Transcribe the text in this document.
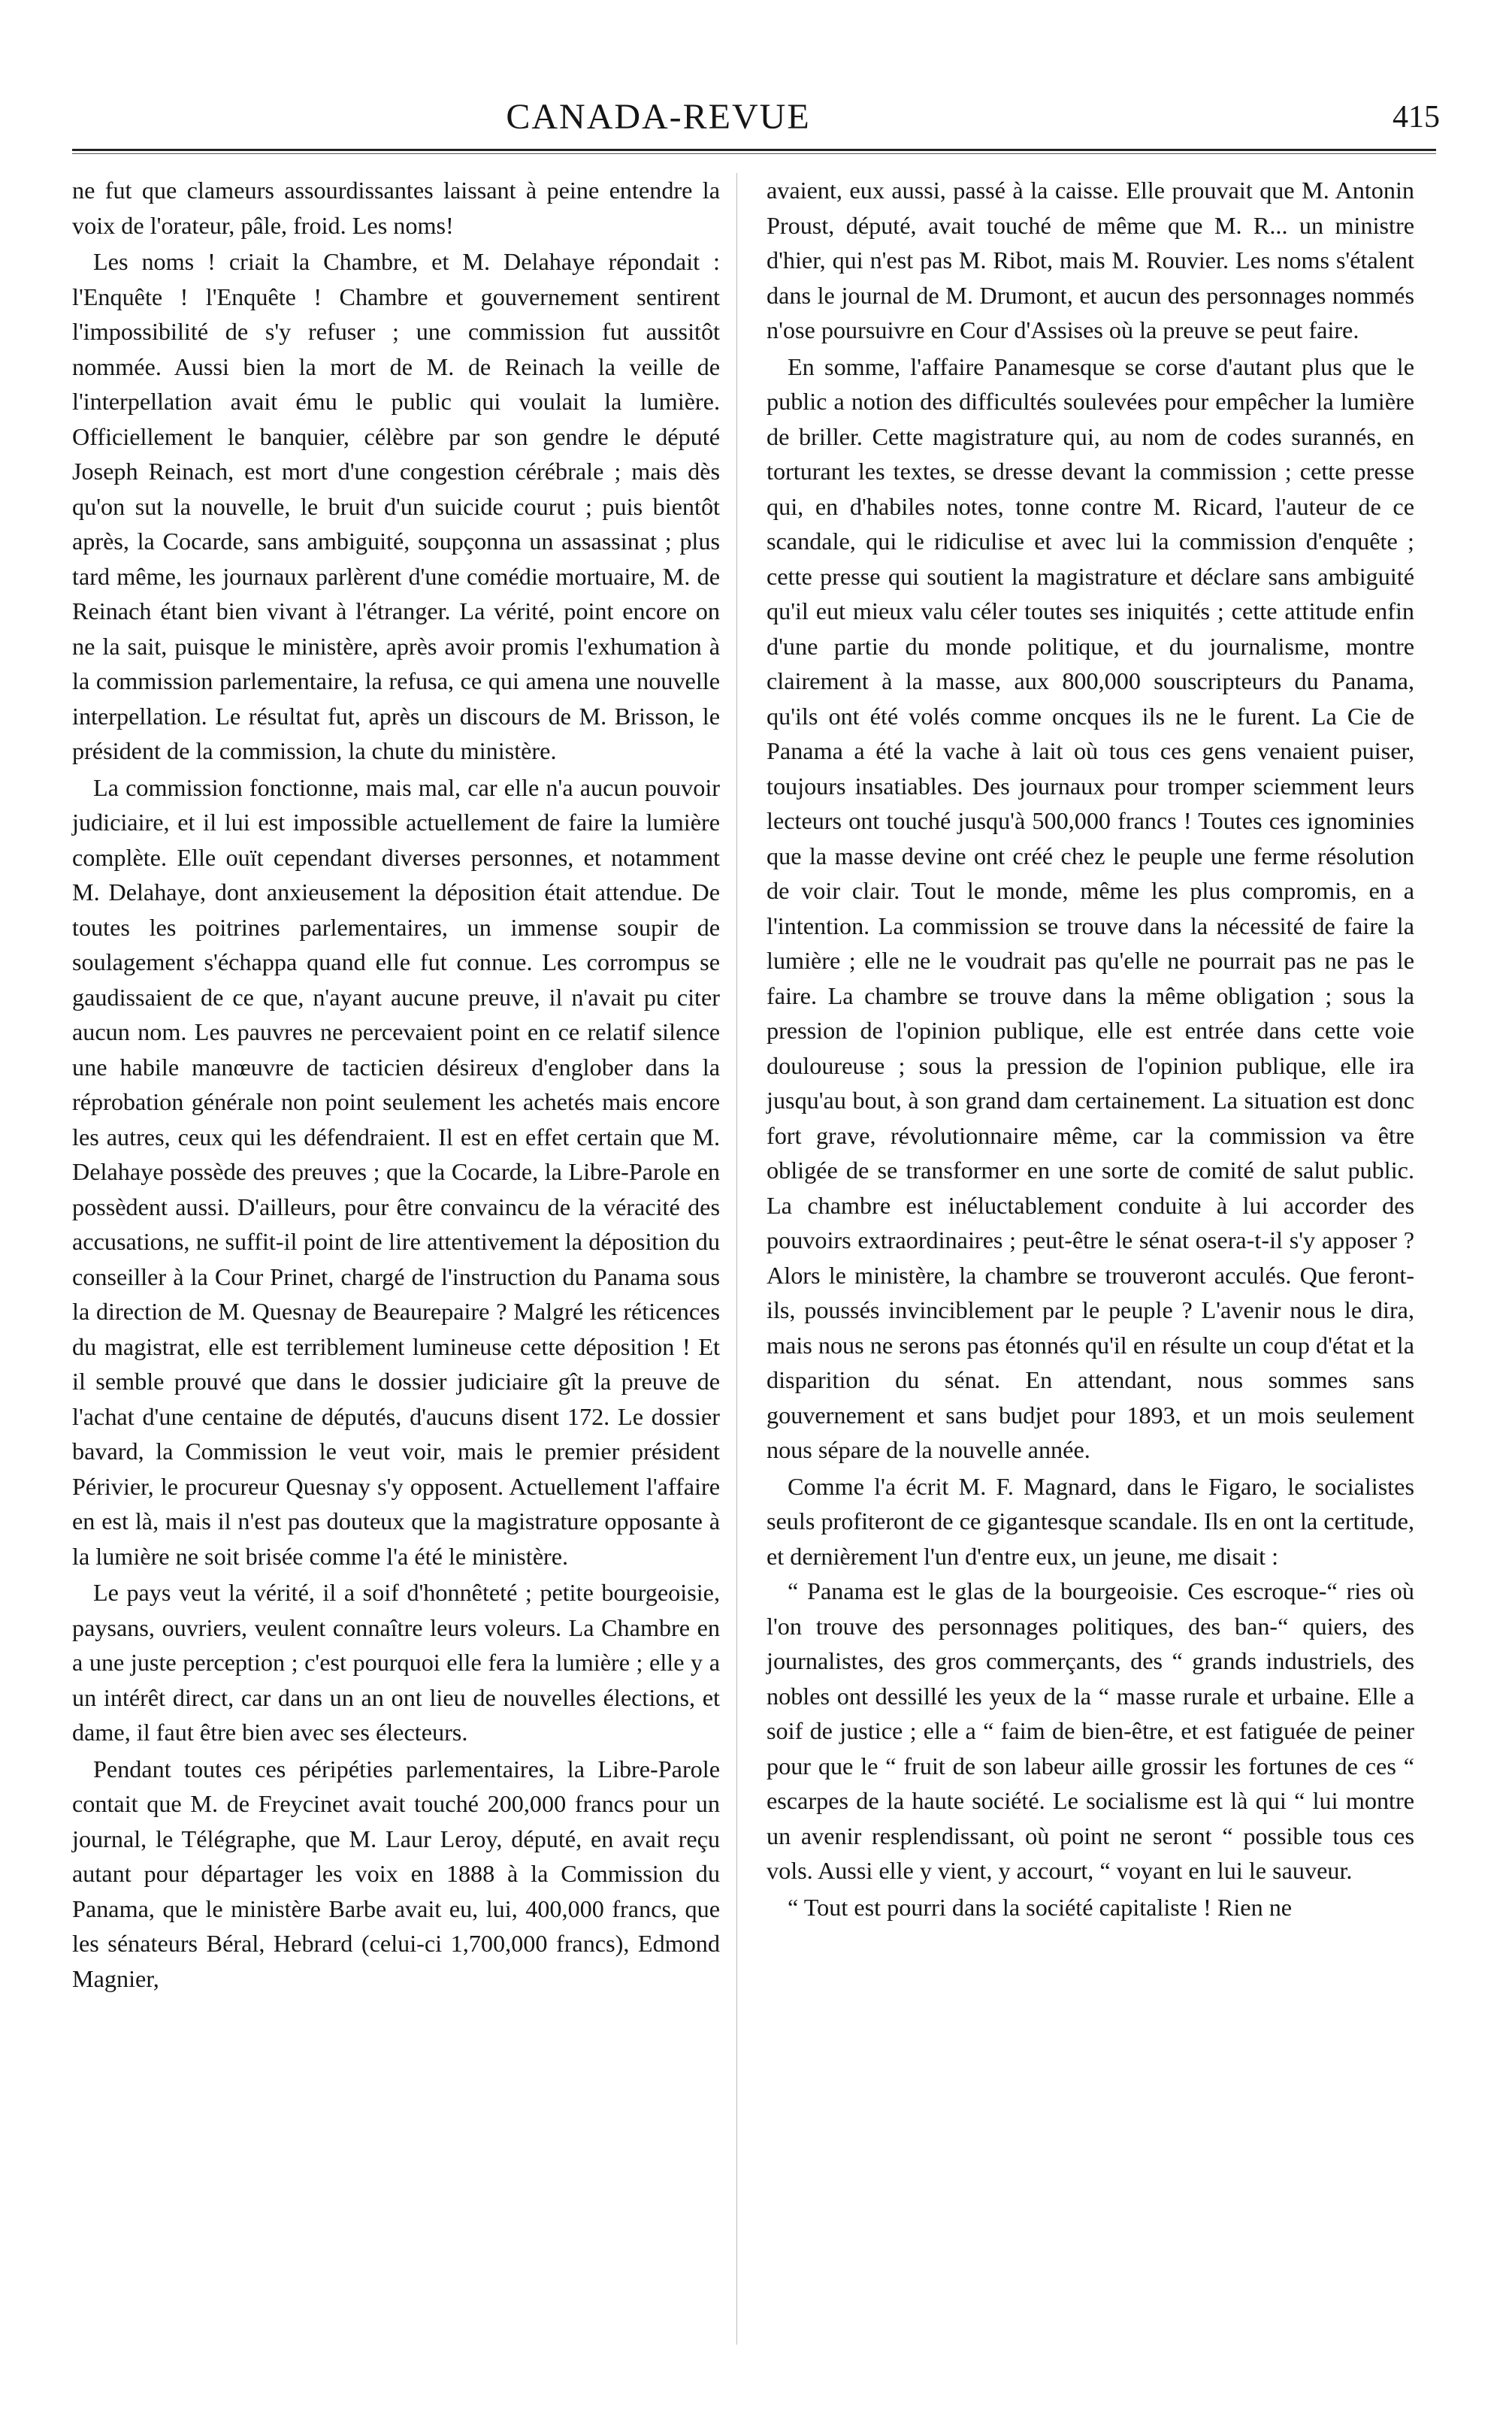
CANADA-REVUE	415

ne fut que clameurs assourdissantes laissant à peine entendre la voix de l'orateur, pâle, froid. Les noms!

Les noms ! criait la Chambre, et M. Delahaye répondait : l'Enquête ! l'Enquête ! Chambre et gouvernement sentirent l'impossibilité de s'y refuser ; une commission fut aussitôt nommée. Aussi bien la mort de M. de Reinach la veille de l'interpellation avait ému le public qui voulait la lumière. Officiellement le banquier, célèbre par son gendre le député Joseph Reinach, est mort d'une congestion cérébrale ; mais dès qu'on sut la nouvelle, le bruit d'un suicide courut ; puis bientôt après, la Cocarde, sans ambiguité, soupçonna un assassinat ; plus tard même, les journaux parlèrent d'une comédie mortuaire, M. de Reinach étant bien vivant à l'étranger. La vérité, point encore on ne la sait, puisque le ministère, après avoir promis l'exhumation à la commission parlementaire, la refusa, ce qui amena une nouvelle interpellation. Le résultat fut, après un discours de M. Brisson, le président de la commission, la chute du ministère.

La commission fonctionne, mais mal, car elle n'a aucun pouvoir judiciaire, et il lui est impossible actuellement de faire la lumière complète. Elle ouït cependant diverses personnes, et notamment M. Delahaye, dont anxieusement la déposition était attendue. De toutes les poitrines parlementaires, un immense soupir de soulagement s'échappa quand elle fut connue. Les corrompus se gaudissaient de ce que, n'ayant aucune preuve, il n'avait pu citer aucun nom. Les pauvres ne percevaient point en ce relatif silence une habile manœuvre de tacticien désireux d'englober dans la réprobation générale non point seulement les achetés mais encore les autres, ceux qui les défendraient. Il est en effet certain que M. Delahaye possède des preuves ; que la Cocarde, la Libre-Parole en possèdent aussi. D'ailleurs, pour être convaincu de la véracité des accusations, ne suffit-il point de lire attentivement la déposition du conseiller à la Cour Prinet, chargé de l'instruction du Panama sous la direction de M. Quesnay de Beaurepaire ? Malgré les réticences du magistrat, elle est terriblement lumineuse cette déposition ! Et il semble prouvé que dans le dossier judiciaire gît la preuve de l'achat d'une centaine de députés, d'aucuns disent 172. Le dossier bavard, la Commission le veut voir, mais le premier président Périvier, le procureur Quesnay s'y opposent. Actuellement l'affaire en est là, mais il n'est pas douteux que la magistrature opposante à la lumière ne soit brisée comme l'a été le ministère.

Le pays veut la vérité, il a soif d'honnêteté ; petite bourgeoisie, paysans, ouvriers, veulent connaître leurs voleurs. La Chambre en a une juste perception ; c'est pourquoi elle fera la lumière ; elle y a un intérêt direct, car dans un an ont lieu de nouvelles élections, et dame, il faut être bien avec ses électeurs.

Pendant toutes ces péripéties parlementaires, la Libre-Parole contait que M. de Freycinet avait touché 200,000 francs pour un journal, le Télégraphe, que M. Laur Leroy, député, en avait reçu autant pour départager les voix en 1888 à la Commission du Panama, que le ministère Barbe avait eu, lui, 400,000 francs, que les sénateurs Béral, Hebrard (celui-ci 1,700,000 francs), Edmond Magnier,

avaient, eux aussi, passé à la caisse. Elle prouvait que M. Antonin Proust, député, avait touché de même que M. R... un ministre d'hier, qui n'est pas M. Ribot, mais M. Rouvier. Les noms s'étalent dans le journal de M. Drumont, et aucun des personnages nommés n'ose poursuivre en Cour d'Assises où la preuve se peut faire.

En somme, l'affaire Panamesque se corse d'autant plus que le public a notion des difficultés soulevées pour empêcher la lumière de briller. Cette magistrature qui, au nom de codes surannés, en torturant les textes, se dresse devant la commission ; cette presse qui, en d'habiles notes, tonne contre M. Ricard, l'auteur de ce scandale, qui le ridiculise et avec lui la commission d'enquête ; cette presse qui soutient la magistrature et déclare sans ambiguité qu'il eut mieux valu céler toutes ses iniquités ; cette attitude enfin d'une partie du monde politique, et du journalisme, montre clairement à la masse, aux 800,000 souscripteurs du Panama, qu'ils ont été volés comme oncques ils ne le furent. La Cie de Panama a été la vache à lait où tous ces gens venaient puiser, toujours insatiables. Des journaux pour tromper sciemment leurs lecteurs ont touché jusqu'à 500,000 francs ! Toutes ces ignominies que la masse devine ont créé chez le peuple une ferme résolution de voir clair. Tout le monde, même les plus compromis, en a l'intention. La commission se trouve dans la nécessité de faire la lumière ; elle ne le voudrait pas qu'elle ne pourrait pas ne pas le faire. La chambre se trouve dans la même obligation ; sous la pression de l'opinion publique, elle est entrée dans cette voie douloureuse ; sous la pression de l'opinion publique, elle ira jusqu'au bout, à son grand dam certainement. La situation est donc fort grave, révolutionnaire même, car la commission va être obligée de se transformer en une sorte de comité de salut public. La chambre est inéluctablement conduite à lui accorder des pouvoirs extraordinaires ; peut-être le sénat osera-t-il s'y apposer ? Alors le ministère, la chambre se trouveront acculés. Que feront-ils, poussés invinciblement par le peuple ? L'avenir nous le dira, mais nous ne serons pas étonnés qu'il en résulte un coup d'état et la disparition du sénat. En attendant, nous sommes sans gouvernement et sans budjet pour 1893, et un mois seulement nous sépare de la nouvelle année.

Comme l'a écrit M. F. Magnard, dans le Figaro, le socialistes seuls profiteront de ce gigantesque scandale. Ils en ont la certitude, et dernièrement l'un d'entre eux, un jeune, me disait :

“ Panama est le glas de la bourgeoisie. Ces escroque-“ ries où l'on trouve des personnages politiques, des ban-“ quiers, des journalistes, des gros commerçants, des “ grands industriels, des nobles ont dessillé les yeux de la “ masse rurale et urbaine. Elle a soif de justice ; elle a “ faim de bien-être, et est fatiguée de peiner pour que le “ fruit de son labeur aille grossir les fortunes de ces “ escarpes de la haute société. Le socialisme est là qui “ lui montre un avenir resplendissant, où point ne seront “ possible tous ces vols. Aussi elle y vient, y accourt, “ voyant en lui le sauveur.

“ Tout est pourri dans la société capitaliste ! Rien ne
